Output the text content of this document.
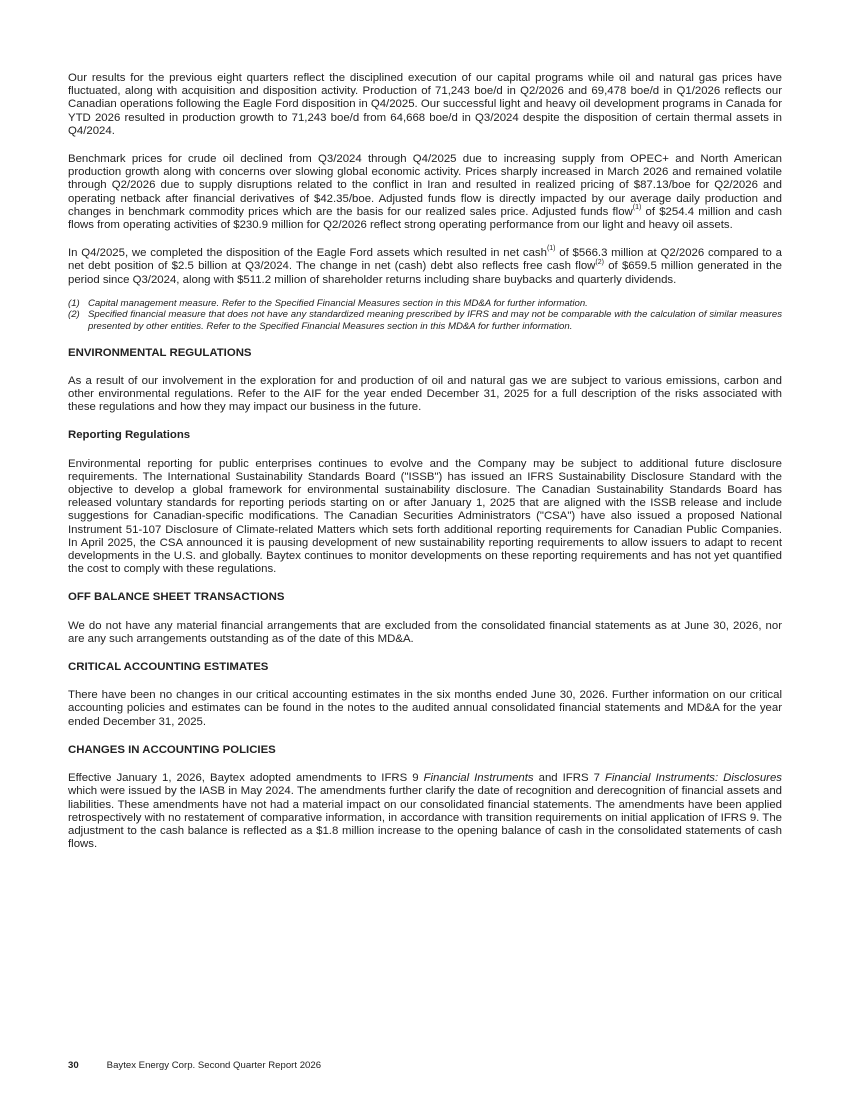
Our results for the previous eight quarters reflect the disciplined execution of our capital programs while oil and natural gas prices have fluctuated, along with acquisition and disposition activity. Production of 71,243 boe/d in Q2/2026 and 69,478 boe/d in Q1/2026 reflects our Canadian operations following the Eagle Ford disposition in Q4/2025. Our successful light and heavy oil development programs in Canada for YTD 2026 resulted in production growth to 71,243 boe/d from 64,668 boe/d in Q3/2024 despite the disposition of certain thermal assets in Q4/2024.

Benchmark prices for crude oil declined from Q3/2024 through Q4/2025 due to increasing supply from OPEC+ and North American production growth along with concerns over slowing global economic activity. Prices sharply increased in March 2026 and remained volatile through Q2/2026 due to supply disruptions related to the conflict in Iran and resulted in realized pricing of $87.13/boe for Q2/2026 and operating netback after financial derivatives of $42.35/boe. Adjusted funds flow is directly impacted by our average daily production and changes in benchmark commodity prices which are the basis for our realized sales price. Adjusted funds flow$^{(1)}$ of $254.4 million and cash flows from operating activities of $230.9 million for Q2/2026 reflect strong operating performance from our light and heavy oil assets.

In Q4/2025, we completed the disposition of the Eagle Ford assets which resulted in net cash$^{(1)}$ of $566.3 million at Q2/2026 compared to a net debt position of $2.5 billion at Q3/2024. The change in net (cash) debt also reflects free cash flow$^{(2)}$ of $659.5 million generated in the period since Q3/2024, along with $511.2 million of shareholder returns including share buybacks and quarterly dividends.

(1) Capital management measure. Refer to the Specified Financial Measures section in this MD&A for further information.
(2) Specified financial measure that does not have any standardized meaning prescribed by IFRS and may not be comparable with the calculation of similar measures presented by other entities. Refer to the Specified Financial Measures section in this MD&A for further information.
ENVIRONMENTAL REGULATIONS

As a result of our involvement in the exploration for and production of oil and natural gas we are subject to various emissions, carbon and other environmental regulations. Refer to the AIF for the year ended December 31, 2025 for a full description of the risks associated with these regulations and how they may impact our business in the future.

Reporting Regulations

Environmental reporting for public enterprises continues to evolve and the Company may be subject to additional future disclosure requirements. The International Sustainability Standards Board ("ISSB") has issued an IFRS Sustainability Disclosure Standard with the objective to develop a global framework for environmental sustainability disclosure. The Canadian Sustainability Standards Board has released voluntary standards for reporting periods starting on or after January 1, 2025 that are aligned with the ISSB release and include suggestions for Canadian-specific modifications. The Canadian Securities Administrators ("CSA") have also issued a proposed National Instrument 51-107 Disclosure of Climate-related Matters which sets forth additional reporting requirements for Canadian Public Companies. In April 2025, the CSA announced it is pausing development of new sustainability reporting requirements to allow issuers to adapt to recent developments in the U.S. and globally. Baytex continues to monitor developments on these reporting requirements and has not yet quantified the cost to comply with these regulations.

OFF BALANCE SHEET TRANSACTIONS

We do not have any material financial arrangements that are excluded from the consolidated financial statements as at June 30, 2026, nor are any such arrangements outstanding as of the date of this MD&A.

CRITICAL ACCOUNTING ESTIMATES

There have been no changes in our critical accounting estimates in the six months ended June 30, 2026. Further information on our critical accounting policies and estimates can be found in the notes to the audited annual consolidated financial statements and MD&A for the year ended December 31, 2025.

CHANGES IN ACCOUNTING POLICIES

Effective January 1, 2026, Baytex adopted amendments to IFRS 9 Financial Instruments and IFRS 7 Financial Instruments: Disclosures which were issued by the IASB in May 2024. The amendments further clarify the date of recognition and derecognition of financial assets and liabilities. These amendments have not had a material impact on our consolidated financial statements. The amendments have been applied retrospectively with no restatement of comparative information, in accordance with transition requirements on initial application of IFRS 9. The adjustment to the cash balance is reflected as a $1.8 million increase to the opening balance of cash in the consolidated statements of cash flows.

30	Baytex Energy Corp. Second Quarter Report 2026
